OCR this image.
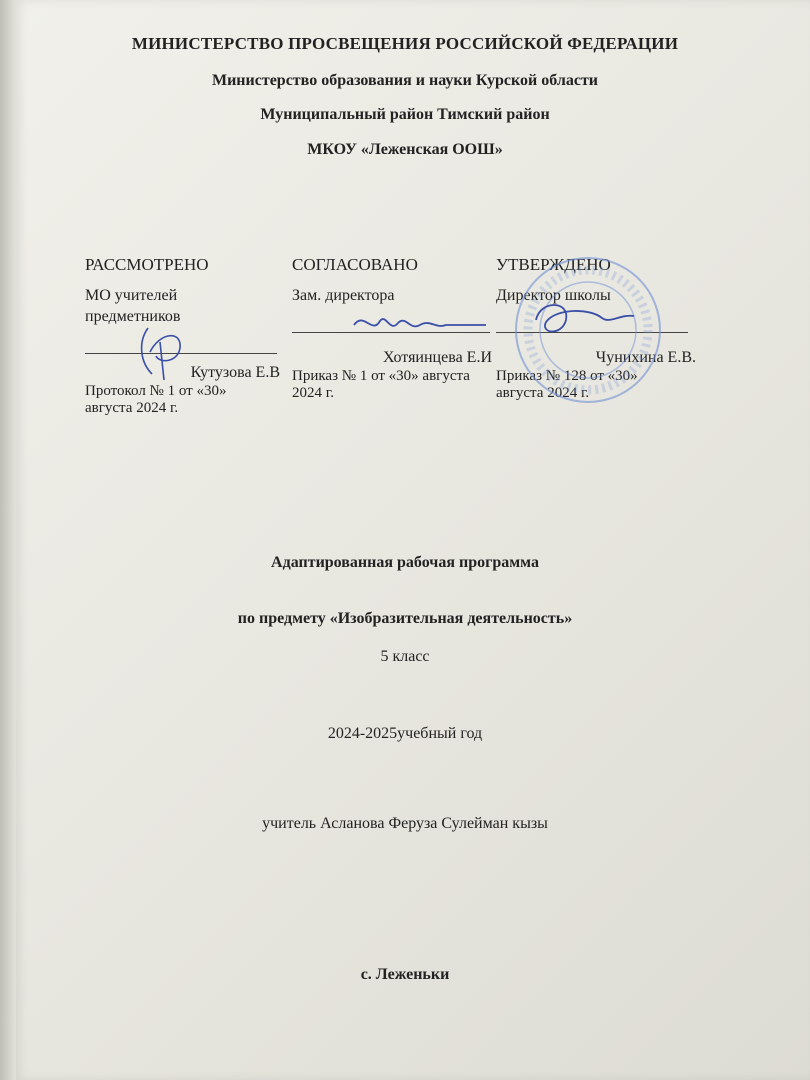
МИНИСТЕРСТВО ПРОСВЕЩЕНИЯ РОССИЙСКОЙ ФЕДЕРАЦИИ
Министерство образования и науки Курской области
Муниципальный район Тимский район
МКОУ «Леженская ООШ»
РАССМОТРЕНО
МО учителей
предметников
Кутузова Е.В
Протокол № 1 от «30»
августа 2024 г.
СОГЛАСОВАНО
Зам. директора
Хотяинцева Е.И
Приказ № 1 от «30» августа
2024 г.
УТВЕРЖДЕНО
Директор школы
Чунихина Е.В.
Приказ № 128 от «30»
августа 2024 г.
Адаптированная рабочая программа
по предмету «Изобразительная деятельность»
5 класс
2024-2025учебный год
учитель Асланова Феруза Сулейман кызы
с. Леженьки
